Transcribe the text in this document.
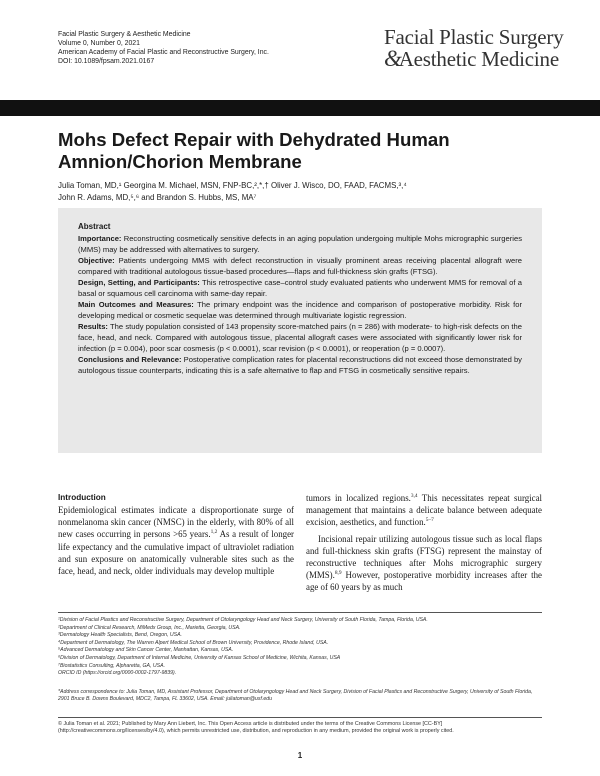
Facial Plastic Surgery & Aesthetic Medicine
Volume 0, Number 0, 2021
American Academy of Facial Plastic and Reconstructive Surgery, Inc.
DOI: 10.1089/fpsam.2021.0167
Facial Plastic Surgery
&Aesthetic Medicine
Mohs Defect Repair with Dehydrated Human Amnion/Chorion Membrane
Julia Toman, MD,¹ Georgina M. Michael, MSN, FNP-BC,²,*,† Oliver J. Wisco, DO, FAAD, FACMS,³,⁴
John R. Adams, MD,⁵,⁶ and Brandon S. Hubbs, MS, MA⁷
Abstract

Importance: Reconstructing cosmetically sensitive defects in an aging population undergoing multiple Mohs micrographic surgeries (MMS) may be addressed with alternatives to surgery.

Objective: Patients undergoing MMS with defect reconstruction in visually prominent areas receiving placental allograft were compared with traditional autologous tissue-based procedures—flaps and full-thickness skin grafts (FTSG).

Design, Setting, and Participants: This retrospective case–control study evaluated patients who underwent MMS for removal of a basal or squamous cell carcinoma with same-day repair.

Main Outcomes and Measures: The primary endpoint was the incidence and comparison of postoperative morbidity. Risk for developing medical or cosmetic sequelae was determined through multivariate logistic regression.

Results: The study population consisted of 143 propensity score-matched pairs (n = 286) with moderate- to high-risk defects on the face, head, and neck. Compared with autologous tissue, placental allograft cases were associated with significantly lower risk for infection (p = 0.004), poor scar cosmesis (p < 0.0001), scar revision (p < 0.0001), or reoperation (p = 0.0007).

Conclusions and Relevance: Postoperative complication rates for placental reconstructions did not exceed those demonstrated by autologous tissue counterparts, indicating this is a safe alternative to flap and FTSG in cosmetically sensitive repairs.

Introduction

Epidemiological estimates indicate a disproportionate surge of nonmelanoma skin cancer (NMSC) in the elderly, with 80% of all new cases occurring in persons >65 years.$^{1,2}$ As a result of longer life expectancy and the cumulative impact of ultraviolet radiation and sun exposure on anatomically vulnerable sites such as the face, head, and neck, older individuals may develop multiple

tumors in localized regions.$^{3,4}$ This necessitates repeat surgical management that maintains a delicate balance between adequate excision, aesthetics, and function.$^{5-7}$

Incisional repair utilizing autologous tissue such as local flaps and full-thickness skin grafts (FTSG) represent the mainstay of reconstructive techniques after Mohs micrographic surgery (MMS).$^{8,9}$ However, postoperative morbidity increases after the age of 60 years by as much

¹Division of Facial Plastics and Reconstructive Surgery, Department of Otolaryngology Head and Neck Surgery, University of South Florida, Tampa, Florida, USA.
²Department of Clinical Research, MiMedx Group, Inc., Marietta, Georgia, USA.
³Dermatology Health Specialists, Bend, Oregon, USA.
⁴Department of Dermatology, The Warren Alpert Medical School of Brown University, Providence, Rhode Island, USA.
⁵Advanced Dermatology and Skin Cancer Center, Manhattan, Kansas, USA.
⁶Division of Dermatology, Department of Internal Medicine, University of Kansas School of Medicine, Wichita, Kansas, USA
⁷Biostatistics Consulting, Alpharetta, GA, USA.
ORCID ID (https://orcid.org/0000-0002-1797-9839).
*Address correspondence to: Julia Toman, MD, Assistant Professor, Department of Otolaryngology Head and Neck Surgery, Division of Facial Plastics and Reconstructive Surgery, University of South Florida, 2901 Bruce B. Downs Boulevard, MDC2, Tampa, FL 33602, USA. Email: juliatoman@usf.edu
© Julia Toman et al. 2021; Published by Mary Ann Liebert, Inc. This Open Access article is distributed under the terms of the Creative Commons License [CC-BY] (http://creativecommons.org/licenses/by/4.0), which permits unrestricted use, distribution, and reproduction in any medium, provided the original work is properly cited.
1
